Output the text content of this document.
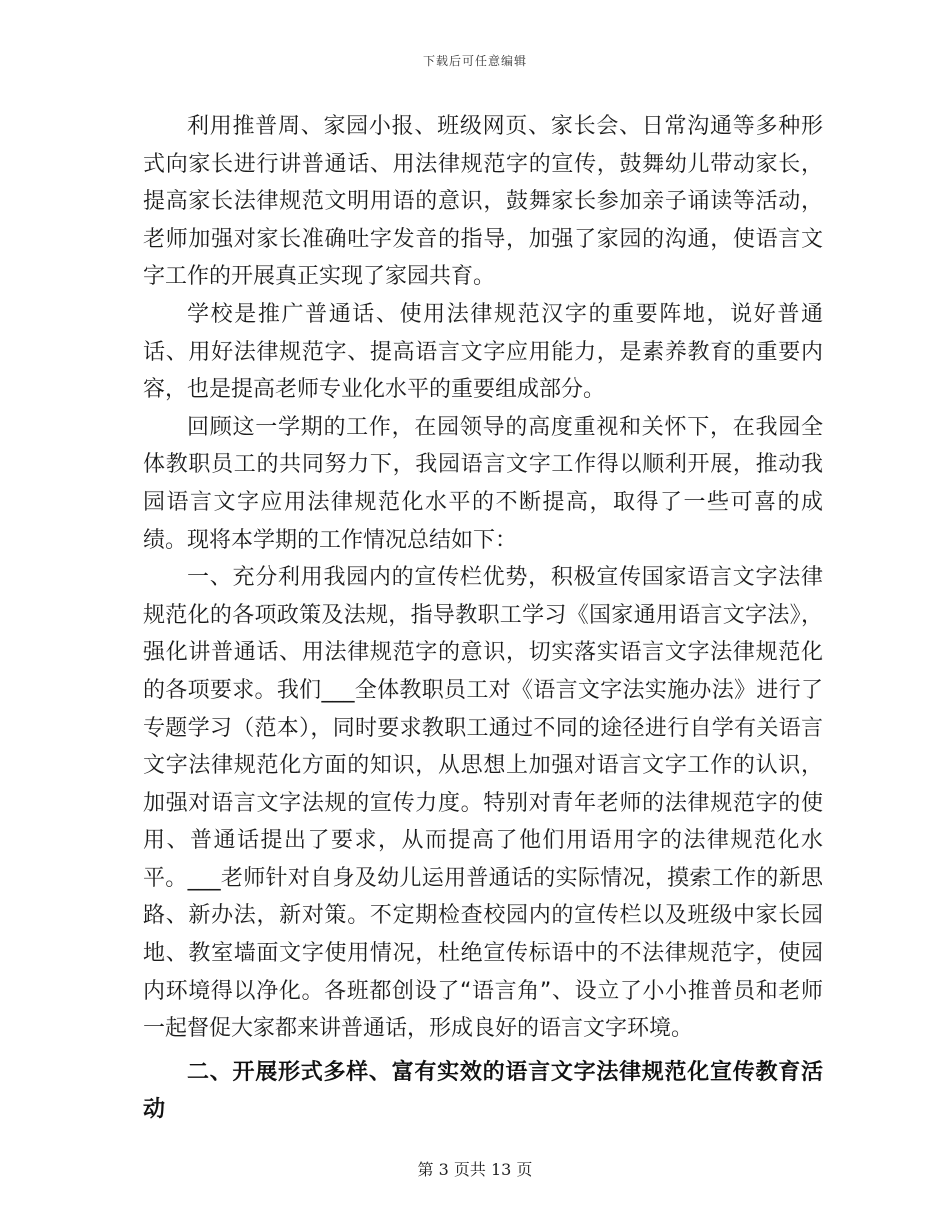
下载后可任意编辑

利用推普周、家园小报、班级网页、家长会、日常沟通等多种形式向家长进行讲普通话、用法律规范字的宣传，鼓舞幼儿带动家长，提高家长法律规范文明用语的意识，鼓舞家长参加亲子诵读等活动，老师加强对家长准确吐字发音的指导，加强了家园的沟通，使语言文字工作的开展真正实现了家园共育。

学校是推广普通话、使用法律规范汉字的重要阵地，说好普通话、用好法律规范字、提高语言文字应用能力，是素养教育的重要内容，也是提高老师专业化水平的重要组成部分。

回顾这一学期的工作，在园领导的高度重视和关怀下，在我园全体教职员工的共同努力下，我园语言文字工作得以顺利开展，推动我园语言文字应用法律规范化水平的不断提高，取得了一些可喜的成绩。现将本学期的工作情况总结如下：

一、充分利用我园内的宣传栏优势，积极宣传国家语言文字法律规范化的各项政策及法规，指导教职工学习《国家通用语言文字法》，强化讲普通话、用法律规范字的意识，切实落实语言文字法律规范化的各项要求。我们___全体教职员工对《语言文字法实施办法》进行了专题学习（范本），同时要求教职工通过不同的途径进行自学有关语言文字法律规范化方面的知识，从思想上加强对语言文字工作的认识，加强对语言文字法规的宣传力度。特别对青年老师的法律规范字的使用、普通话提出了要求，从而提高了他们用语用字的法律规范化水平。___老师针对自身及幼儿运用普通话的实际情况，摸索工作的新思路、新办法，新对策。不定期检查校园内的宣传栏以及班级中家长园地、教室墙面文字使用情况，杜绝宣传标语中的不法律规范字，使园内环境得以净化。各班都创设了“语言角”、设立了小小推普员和老师一起督促大家都来讲普通话，形成良好的语言文字环境。

二、开展形式多样、富有实效的语言文字法律规范化宣传教育活动

第 3 页共 13 页
